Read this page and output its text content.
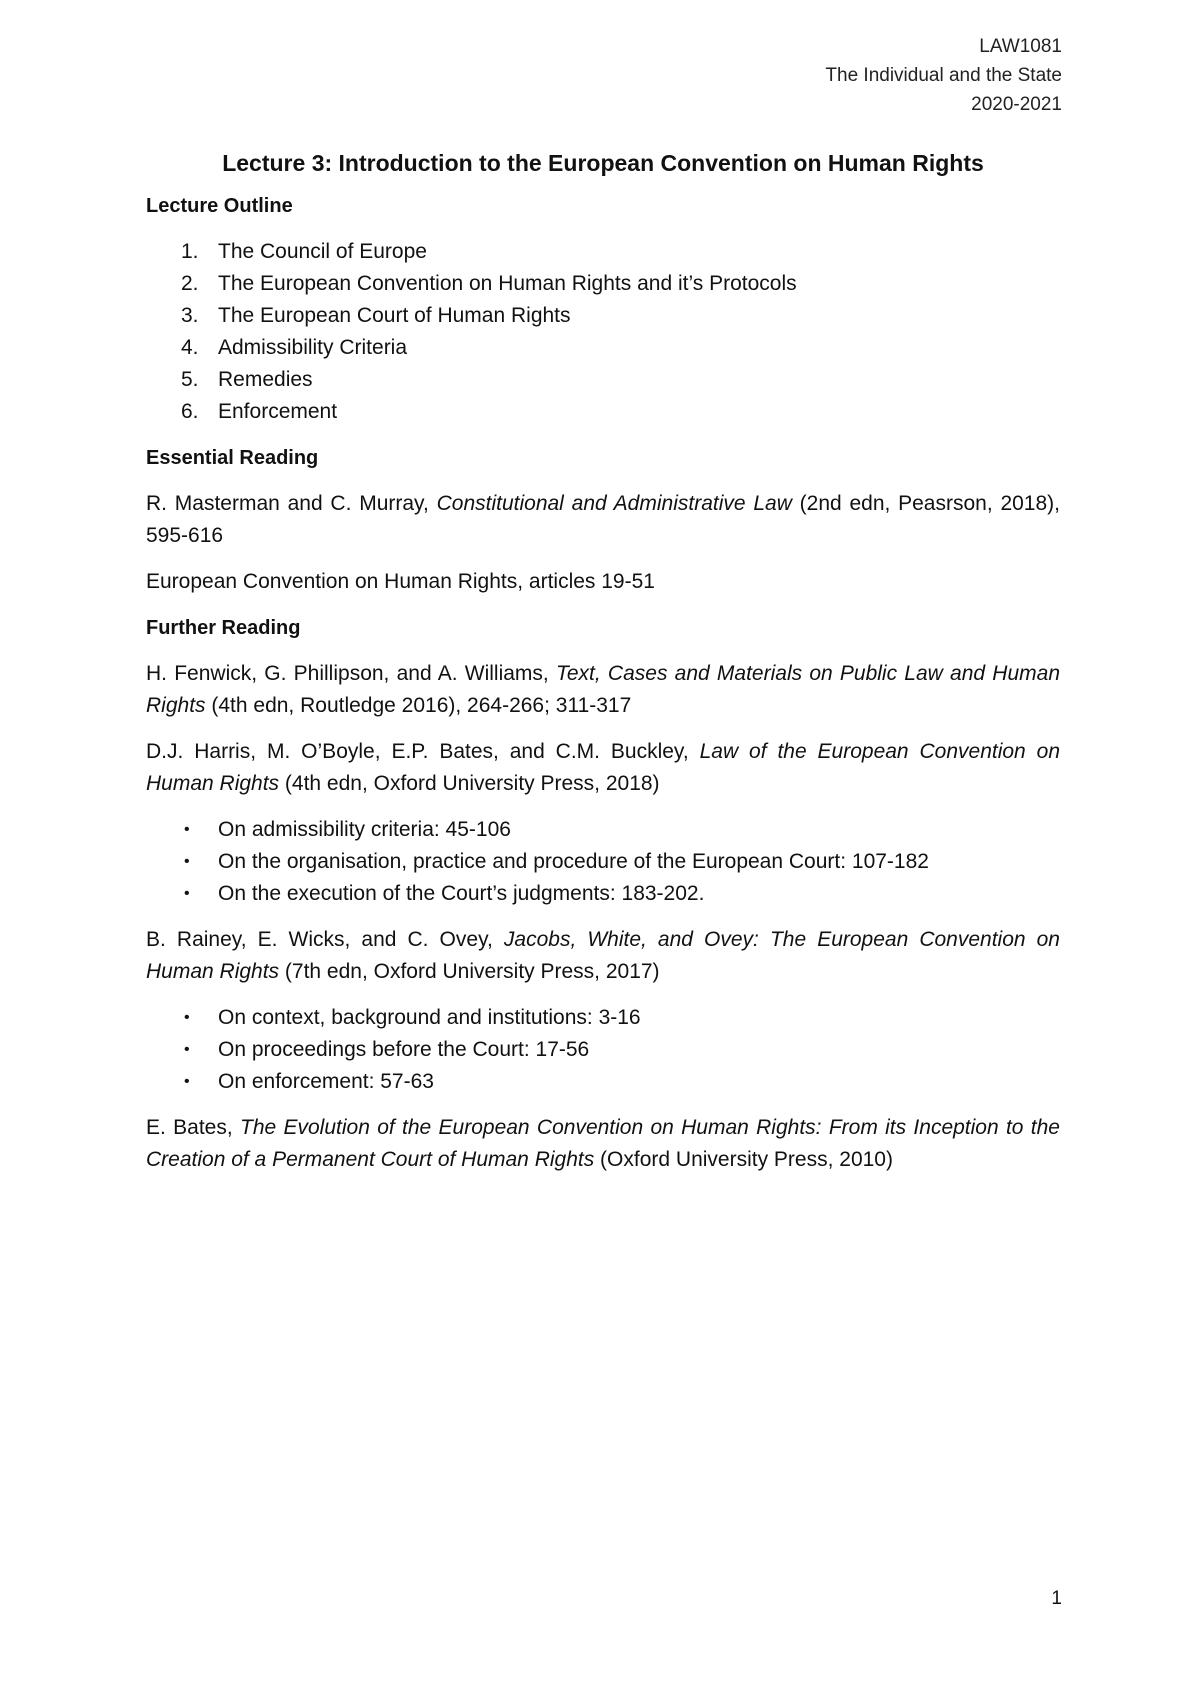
LAW1081
The Individual and the State
2020-2021
Lecture 3: Introduction to the European Convention on Human Rights
Lecture Outline
1. The Council of Europe
2. The European Convention on Human Rights and it’s Protocols
3. The European Court of Human Rights
4. Admissibility Criteria
5. Remedies
6. Enforcement
Essential Reading

R. Masterman and C. Murray, Constitutional and Administrative Law (2nd edn, Peasrson, 2018), 595-616

European Convention on Human Rights, articles 19-51

Further Reading

H. Fenwick, G. Phillipson, and A. Williams, Text, Cases and Materials on Public Law and Human Rights (4th edn, Routledge 2016), 264-266; 311-317

D.J. Harris, M. O’Boyle, E.P. Bates, and C.M. Buckley, Law of the European Convention on Human Rights (4th edn, Oxford University Press, 2018)

• On admissibility criteria: 45-106
• On the organisation, practice and procedure of the European Court: 107-182
• On the execution of the Court’s judgments: 183-202.

B. Rainey, E. Wicks, and C. Ovey, Jacobs, White, and Ovey: The European Convention on Human Rights (7th edn, Oxford University Press, 2017)

• On context, background and institutions: 3-16
• On proceedings before the Court: 17-56
• On enforcement: 57-63

E. Bates, The Evolution of the European Convention on Human Rights: From its Inception to the Creation of a Permanent Court of Human Rights (Oxford University Press, 2010)

1
